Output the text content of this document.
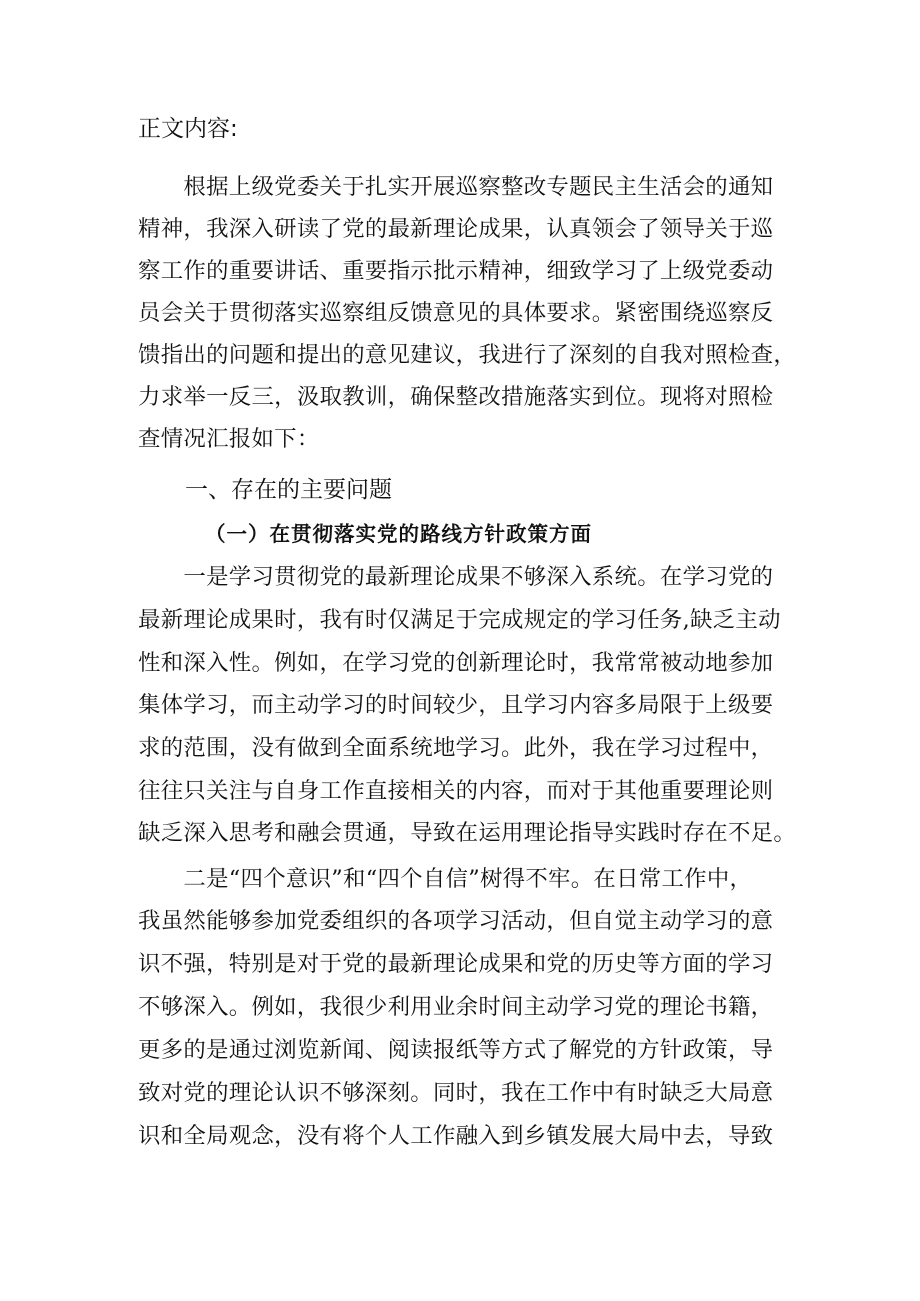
正文内容:
　　根据上级党委关于扎实开展巡察整改专题民主生活会的通知
精神，我深入研读了党的最新理论成果，认真领会了领导关于巡
察工作的重要讲话、重要指示批示精神，细致学习了上级党委动
员会关于贯彻落实巡察组反馈意见的具体要求。紧密围绕巡察反
馈指出的问题和提出的意见建议，我进行了深刻的自我对照检查，
力求举一反三，汲取教训，确保整改措施落实到位。现将对照检
查情况汇报如下：
一、存在的主要问题
（一）在贯彻落实党的路线方针政策方面
　　一是学习贯彻党的最新理论成果不够深入系统。在学习党的
最新理论成果时，我有时仅满足于完成规定的学习任务,缺乏主动
性和深入性。例如，在学习党的创新理论时，我常常被动地参加
集体学习，而主动学习的时间较少，且学习内容多局限于上级要
求的范围，没有做到全面系统地学习。此外，我在学习过程中，
往往只关注与自身工作直接相关的内容，而对于其他重要理论则
缺乏深入思考和融会贯通，导致在运用理论指导实践时存在不足。
　　二是“四个意识”和“四个自信”树得不牢。在日常工作中，
我虽然能够参加党委组织的各项学习活动，但自觉主动学习的意
识不强，特别是对于党的最新理论成果和党的历史等方面的学习
不够深入。例如，我很少利用业余时间主动学习党的理论书籍，
更多的是通过浏览新闻、阅读报纸等方式了解党的方针政策，导
致对党的理论认识不够深刻。同时，我在工作中有时缺乏大局意
识和全局观念，没有将个人工作融入到乡镇发展大局中去，导致
